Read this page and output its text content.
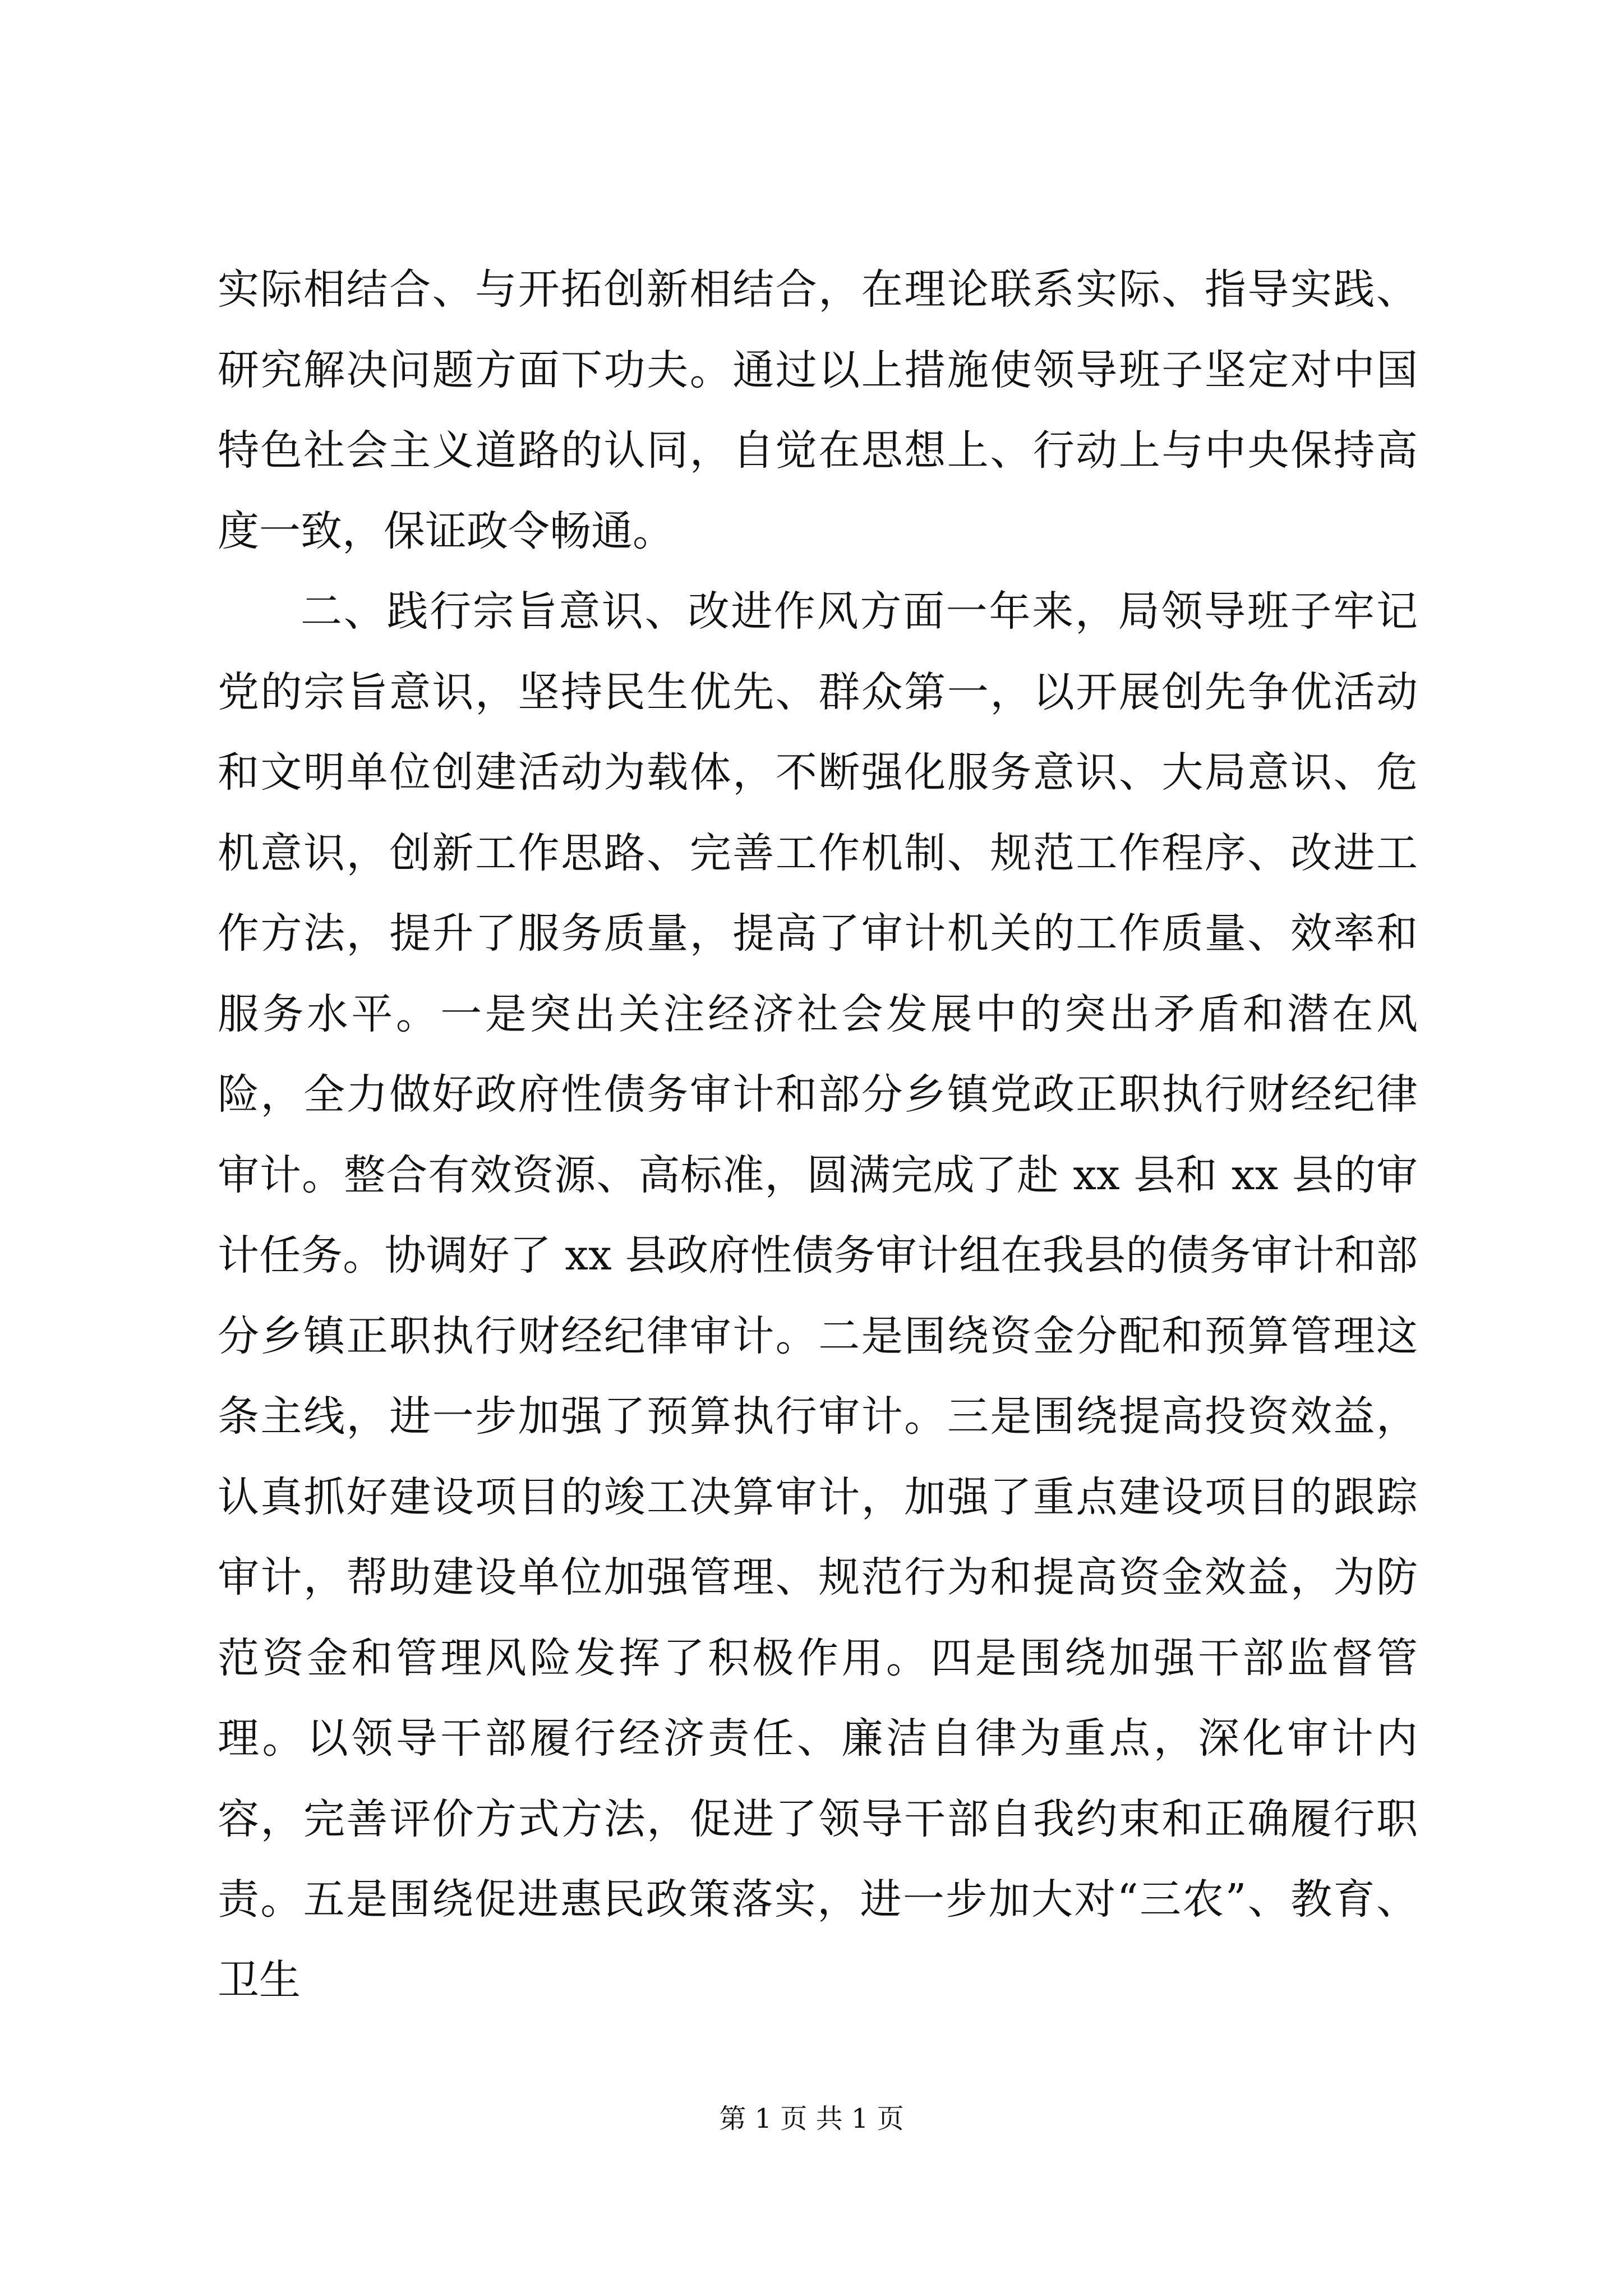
实际相结合、与开拓创新相结合，在理论联系实际、指导实践、研究解决问题方面下功夫。通过以上措施使领导班子坚定对中国特色社会主义道路的认同，自觉在思想上、行动上与中央保持高度一致，保证政令畅通。

二、践行宗旨意识、改进作风方面一年来，局领导班子牢记党的宗旨意识，坚持民生优先、群众第一，以开展创先争优活动和文明单位创建活动为载体，不断强化服务意识、大局意识、危机意识，创新工作思路、完善工作机制、规范工作程序、改进工作方法，提升了服务质量，提高了审计机关的工作质量、效率和服务水平。一是突出关注经济社会发展中的突出矛盾和潜在风险，全力做好政府性债务审计和部分乡镇党政正职执行财经纪律审计。整合有效资源、高标准，圆满完成了赴 xx 县和 xx 县的审计任务。协调好了 xx 县政府性债务审计组在我县的债务审计和部分乡镇正职执行财经纪律审计。二是围绕资金分配和预算管理这条主线，进一步加强了预算执行审计。三是围绕提高投资效益，认真抓好建设项目的竣工决算审计，加强了重点建设项目的跟踪审计，帮助建设单位加强管理、规范行为和提高资金效益，为防范资金和管理风险发挥了积极作用。四是围绕加强干部监督管理。以领导干部履行经济责任、廉洁自律为重点，深化审计内容，完善评价方式方法，促进了领导干部自我约束和正确履行职责。五是围绕促进惠民政策落实，进一步加大对“三农”、教育、卫生

第 1 页 共 1 页
